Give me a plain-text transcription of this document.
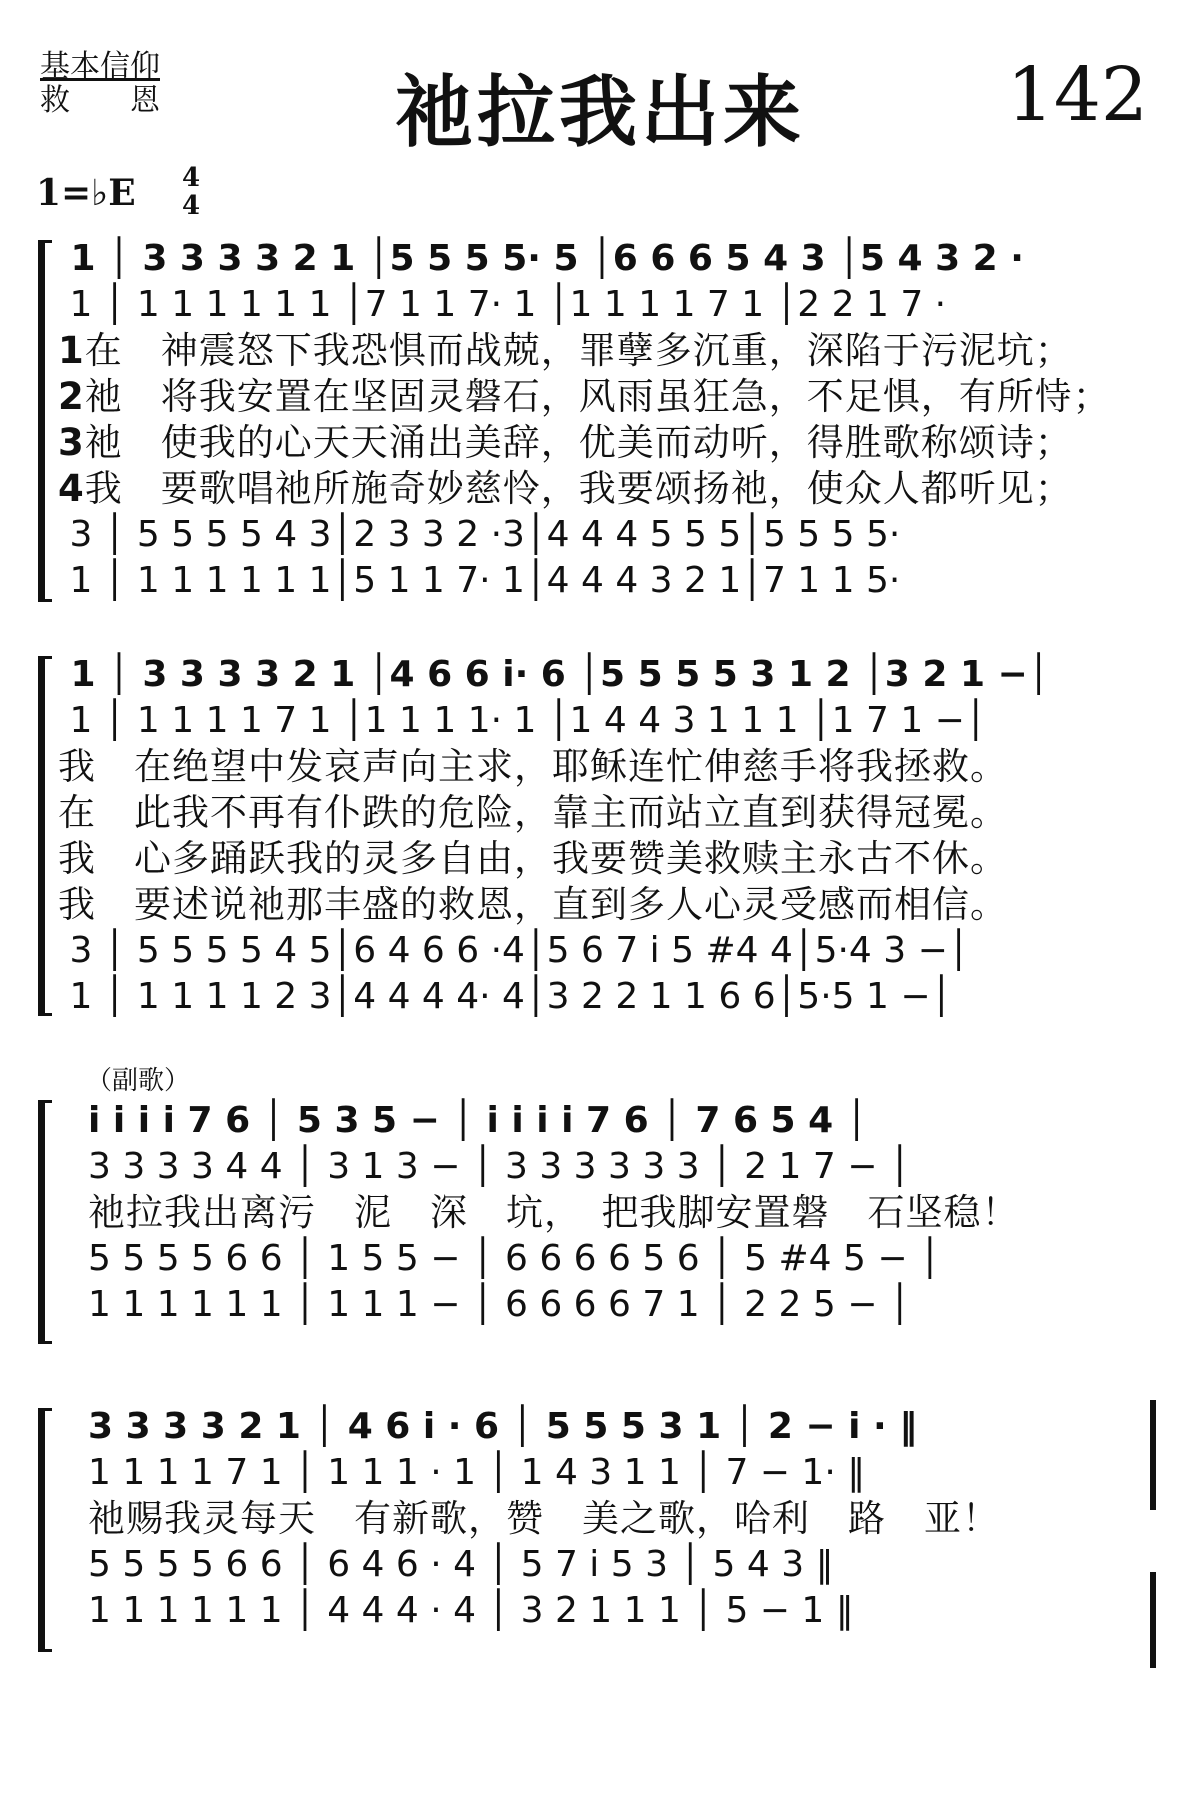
基本信仰
救　　恩	祂拉我出来	142
1=♭E 4
4
1 │ 3 3 3 3 2 1 │5 5 5 5· 5 │6 6 6 5 4 3 │5 4 3 2 ·
1 │ 1 1 1 1 1 1 │7 1 1 7· 1 │1 1 1 1 7 1 │2 2 1 7 ·
1在　神震怒下我恐惧而战兢，罪孽多沉重，深陷于污泥坑；
2祂　将我安置在坚固灵磐石，风雨虽狂急，不足惧，有所恃；
3祂　使我的心天天涌出美辞，优美而动听，得胜歌称颂诗；
4我　要歌唱祂所施奇妙慈怜，我要颂扬祂，使众人都听见；
3 │ 5 5 5 5 4 3│2 3 3 2 ·3│4 4 4 5 5 5│5 5 5 5·
1 │ 1 1 1 1 1 1│5 1 1 7· 1│4 4 4 3 2 1│7 1 1 5·
1 │ 3 3 3 3 2 1 │4 6 6 i· 6 │5 5 5 5 3 1 2 │3 2 1 −│
1 │ 1 1 1 1 7 1 │1 1 1 1· 1 │1 4 4 3 1 1 1 │1 7 1 −│
我　在绝望中发哀声向主求，耶稣连忙伸慈手将我拯救。
在　此我不再有仆跌的危险，靠主而站立直到获得冠冕。
我　心多踊跃我的灵多自由，我要赞美救赎主永古不休。
我　要述说祂那丰盛的救恩，直到多人心灵受感而相信。
3 │ 5 5 5 5 4 5│6 4 6 6 ·4│5 6 7 i 5 #4 4│5·4 3 −│
1 │ 1 1 1 1 2 3│4 4 4 4· 4│3 2 2 1 1 6 6│5·5 1 −│
（副歌）
i i i i 7 6 │ 5 3 5 − │ i i i i 7 6 │ 7 6 5 4 │
3 3 3 3 4 4 │ 3 1 3 − │ 3 3 3 3 3 3 │ 2 1 7 − │
祂拉我出离污　泥　深　坑，　把我脚安置磐　石坚稳！
5 5 5 5 6 6 │ 1 5 5 − │ 6 6 6 6 5 6 │ 5 #4 5 − │
1 1 1 1 1 1 │ 1 1 1 − │ 6 6 6 6 7 1 │ 2 2 5 − │
3 3 3 3 2 1 │ 4 6 i · 6 │ 5 5 5 3 1 │ 2 − i · ‖
1 1 1 1 7 1 │ 1 1 1 · 1 │ 1 4 3 1 1 │ 7 − 1· ‖
祂赐我灵每天　有新歌，赞　美之歌，哈利　路　亚！
5 5 5 5 6 6 │ 6 4 6 · 4 │ 5 7 i 5 3 │ 5 4 3 ‖
1 1 1 1 1 1 │ 4 4 4 · 4 │ 3 2 1 1 1 │ 5 − 1 ‖
